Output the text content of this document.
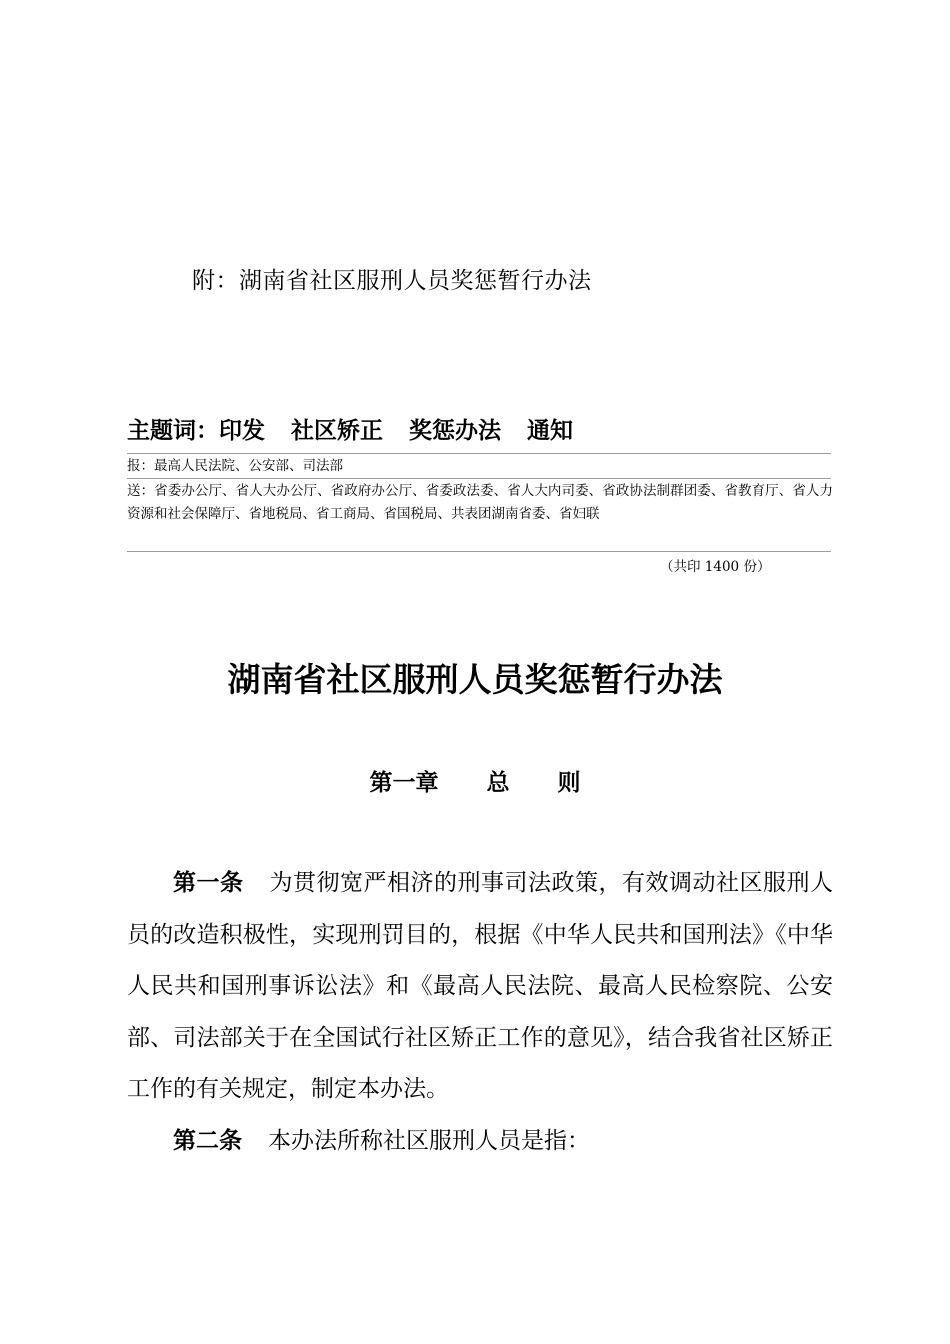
附：湖南省社区服刑人员奖惩暂行办法
主题词：印发 社区矫正 奖惩办法 通知
报：最高人民法院、公安部、司法部
送：省委办公厅、省人大办公厅、省政府办公厅、省委政法委、省人大内司委、省政协法制群团委、省教育厅、省人力资源和社会保障厅、省地税局、省工商局、省国税局、共表团湖南省委、省妇联
（共印 1400 份）
湖南省社区服刑人员奖惩暂行办法
第一章      总      则

第一条 为贯彻宽严相济的刑事司法政策，有效调动社区服刑人员的改造积极性，实现刑罚目的，根据《中华人民共和国刑法》《中华人民共和国刑事诉讼法》和《最高人民法院、最高人民检察院、公安部、司法部关于在全国试行社区矫正工作的意见》，结合我省社区矫正工作的有关规定，制定本办法。

第二条 本办法所称社区服刑人员是指：
